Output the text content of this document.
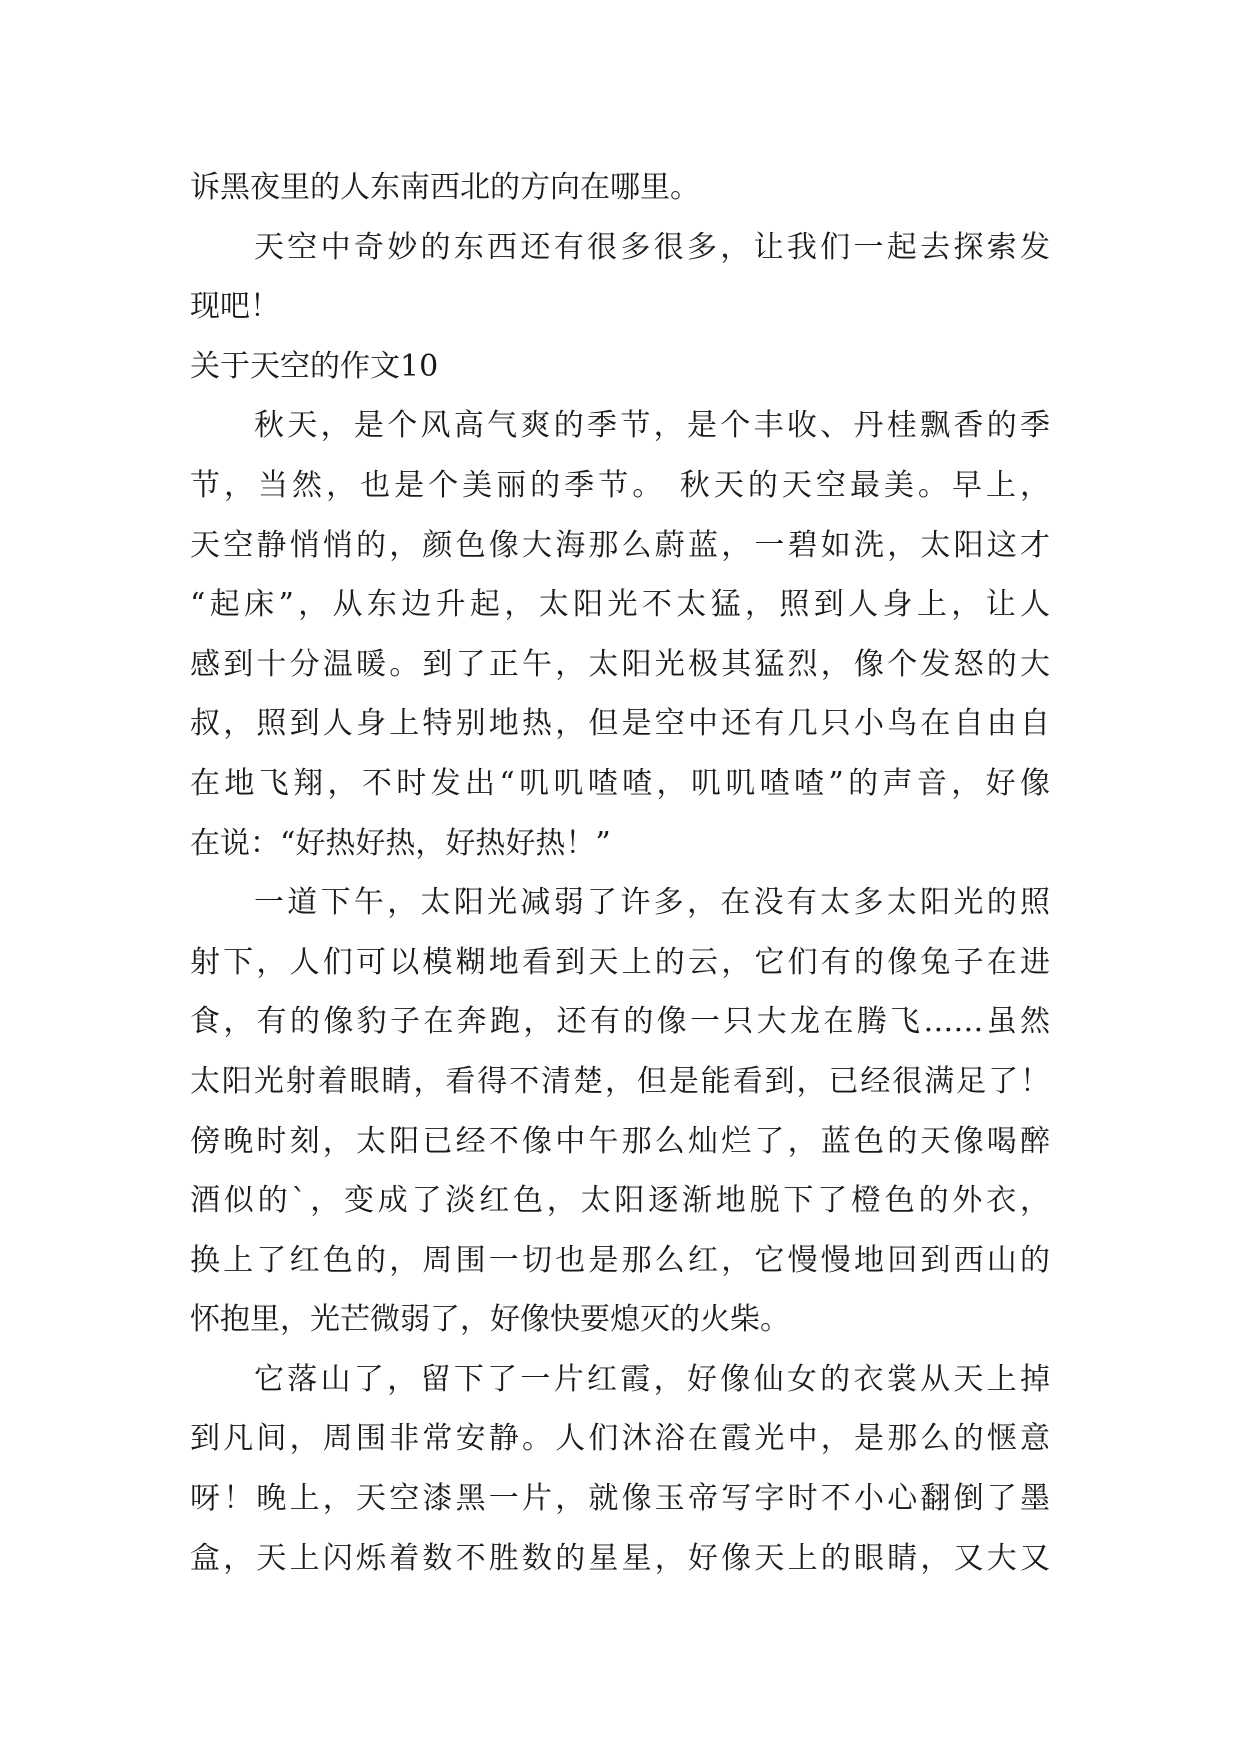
诉黑夜里的人东南西北的方向在哪里。
天空中奇妙的东西还有很多很多，让我们一起去探索发
现吧！
关于天空的作文10
秋天，是个风高气爽的季节，是个丰收、丹桂飘香的季
节，当然，也是个美丽的季节。 秋天的天空最美。早上，
天空静悄悄的，颜色像大海那么蔚蓝，一碧如洗，太阳这才
“起床”，从东边升起，太阳光不太猛，照到人身上，让人
感到十分温暖。到了正午，太阳光极其猛烈，像个发怒的大
叔，照到人身上特别地热，但是空中还有几只小鸟在自由自
在地飞翔，不时发出“叽叽喳喳，叽叽喳喳”的声音，好像
在说：“好热好热，好热好热！”
一道下午，太阳光减弱了许多，在没有太多太阳光的照
射下，人们可以模糊地看到天上的云，它们有的像兔子在进
食，有的像豹子在奔跑，还有的像一只大龙在腾飞……虽然
太阳光射着眼睛，看得不清楚，但是能看到，已经很满足了！
傍晚时刻，太阳已经不像中午那么灿烂了，蓝色的天像喝醉
酒似的`，变成了淡红色，太阳逐渐地脱下了橙色的外衣，
换上了红色的，周围一切也是那么红，它慢慢地回到西山的
怀抱里，光芒微弱了，好像快要熄灭的火柴。
它落山了，留下了一片红霞，好像仙女的衣裳从天上掉
到凡间，周围非常安静。人们沐浴在霞光中，是那么的惬意
呀！晚上，天空漆黑一片，就像玉帝写字时不小心翻倒了墨
盒，天上闪烁着数不胜数的星星，好像天上的眼睛，又大又
